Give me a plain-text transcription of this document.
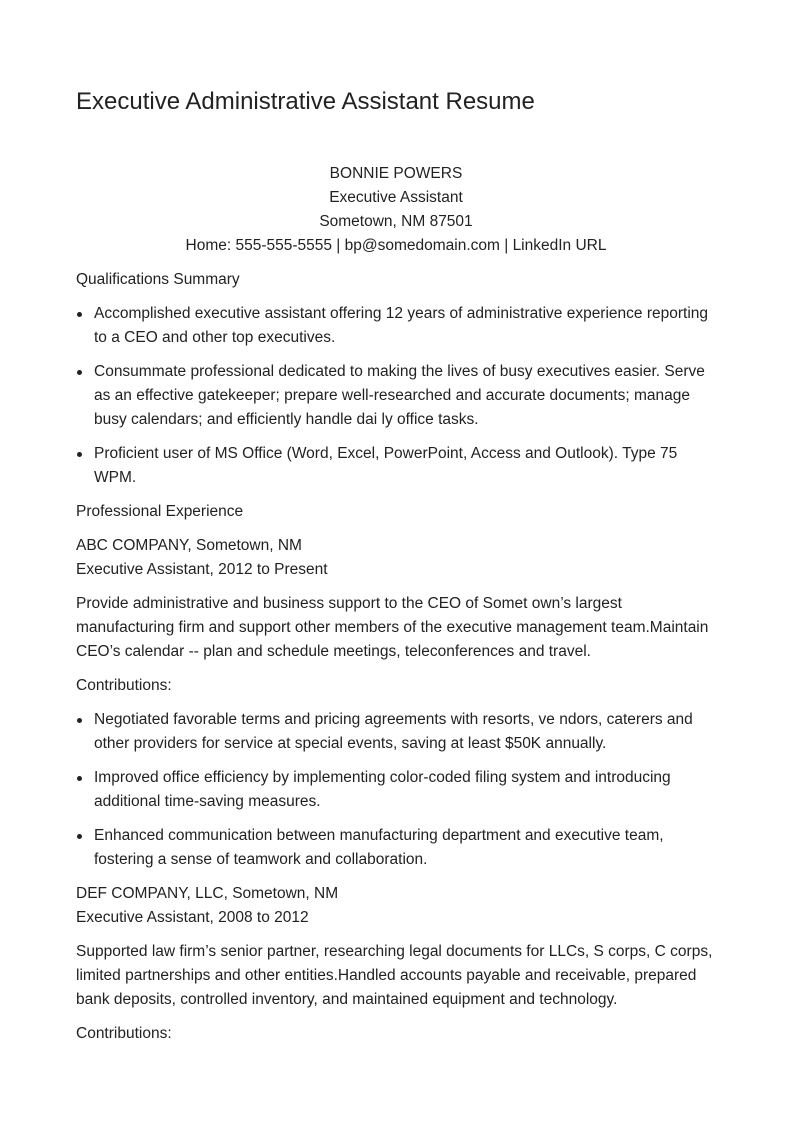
Executive Administrative Assistant Resume
BONNIE POWERS
Executive Assistant
Sometown, NM 87501
Home: 555-555-5555 | bp@somedomain.com | LinkedIn URL

Qualifications Summary

Accomplished executive assistant offering 12 years of administrative experience reporting to a CEO and other top executives.
Consummate professional dedicated to making the lives of busy executives easier. Serve as an effective gatekeeper; prepare well-researched and accurate documents; manage busy calendars; and efficiently handle dai ly office tasks.
Proficient user of MS Office (Word, Excel, PowerPoint, Access and Outlook). Type 75 WPM.

Professional Experience

ABC COMPANY, Sometown, NM

Executive Assistant, 2012 to Present

Provide administrative and business support to the CEO of Somet own’s largest manufacturing firm and support other members of the executive management team.Maintain CEO’s calendar -- plan and schedule meetings, teleconferences and travel.

Contributions:

Negotiated favorable terms and pricing agreements with resorts, ve ndors, caterers and other providers for service at special events, saving at least $50K annually.
Improved office efficiency by implementing color-coded filing system and introducing additional time-saving measures.
Enhanced communication between manufacturing department and executive team, fostering a sense of teamwork and collaboration.

DEF COMPANY, LLC, Sometown, NM

Executive Assistant, 2008 to 2012

Supported law firm’s senior partner, researching legal documents for LLCs, S corps, C corps, limited partnerships and other entities.Handled accounts payable and receivable, prepared bank deposits, controlled inventory, and maintained equipment and technology.

Contributions:
